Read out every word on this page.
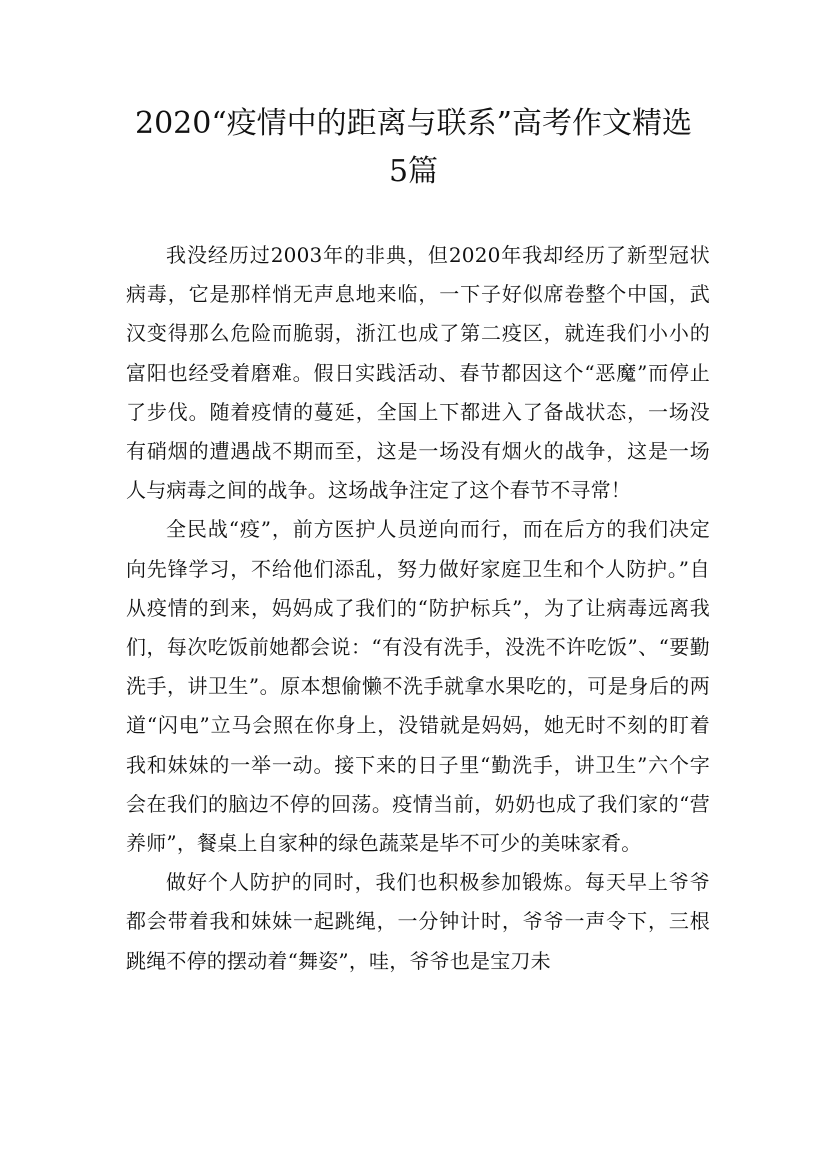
2020“疫情中的距离与联系”高考作文精选
5篇

我没经历过2003年的非典，但2020年我却经历了新型冠状病毒，它是那样悄无声息地来临，一下子好似席卷整个中国，武汉变得那么危险而脆弱，浙江也成了第二疫区，就连我们小小的富阳也经受着磨难。假日实践活动、春节都因这个“恶魔”而停止了步伐。随着疫情的蔓延，全国上下都进入了备战状态，一场没有硝烟的遭遇战不期而至，这是一场没有烟火的战争，这是一场人与病毒之间的战争。这场战争注定了这个春节不寻常！

全民战“疫”，前方医护人员逆向而行，而在后方的我们决定向先锋学习，不给他们添乱，努力做好家庭卫生和个人防护。”自从疫情的到来，妈妈成了我们的“防护标兵”，为了让病毒远离我们，每次吃饭前她都会说：“有没有洗手，没洗不许吃饭”、“要勤洗手，讲卫生”。原本想偷懒不洗手就拿水果吃的，可是身后的两道“闪电”立马会照在你身上，没错就是妈妈，她无时不刻的盯着我和妹妹的一举一动。接下来的日子里“勤洗手，讲卫生”六个字会在我们的脑边不停的回荡。疫情当前，奶奶也成了我们家的“营养师”，餐桌上自家种的绿色蔬菜是毕不可少的美味家肴。

做好个人防护的同时，我们也积极参加锻炼。每天早上爷爷都会带着我和妹妹一起跳绳，一分钟计时，爷爷一声令下，三根跳绳不停的摆动着“舞姿”，哇，爷爷也是宝刀未
